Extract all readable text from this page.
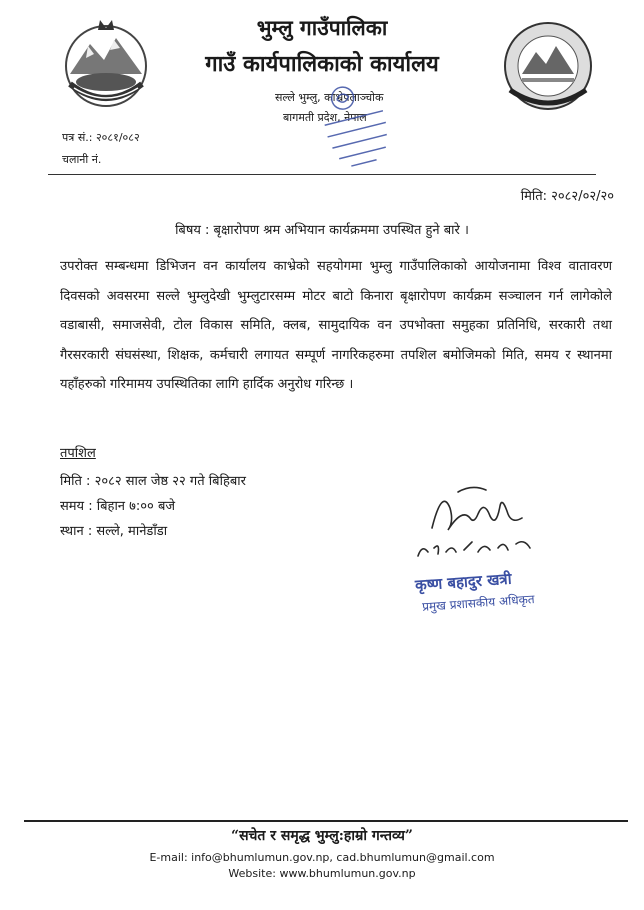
भुम्लु गाउँपालिका
गाउँ कार्यपालिकाको कार्यालय
सल्ले भुम्लु, काभ्रेपलाञ्चोक
बागमती प्रदेश, नेपाल
पत्र सं.: २०८१/०८२
चलानी नं.
मिति: २०८२/०२/२०
बिषय : बृक्षारोपण श्रम अभियान कार्यक्रममा उपस्थित हुने बारे ।
उपरोक्त सम्बन्धमा डिभिजन वन कार्यालय काभ्रेको सहयोगमा भुम्लु गाउँपालिकाको आयोजनामा विश्व वातावरण दिवसको अवसरमा सल्ले भुम्लुदेखी भुम्लुटारसम्म मोटर बाटो किनारा बृक्षारोपण कार्यक्रम सञ्चालन गर्न लागेकोले वडाबासी, समाजसेवी, टोल विकास समिति, क्लब, सामुदायिक वन उपभोक्ता समुहका प्रतिनिधि, सरकारी तथा गैरसरकारी संघसंस्था, शिक्षक, कर्मचारी लगायत सम्पूर्ण नागरिकहरुमा तपशिल बमोजिमको मिति, समय र स्थानमा यहाँहरुको गरिमामय उपस्थितिका लागि हार्दिक अनुरोध गरिन्छ ।
तपशिल
मिति : २०८२ साल जेष्ठ २२ गते बिहिबार
समय : बिहान ७:०० बजे
स्थान : सल्ले, मानेडाँडा
कृष्ण बहादुर खत्री
प्रमुख प्रशासकीय अधिकृत
“सचेत र समृद्ध भुम्लु:हाम्रो गन्तव्य”
E-mail: info@bhumlumun.gov.np, cad.bhumlumun@gmail.com
Website: www.bhumlumun.gov.np
